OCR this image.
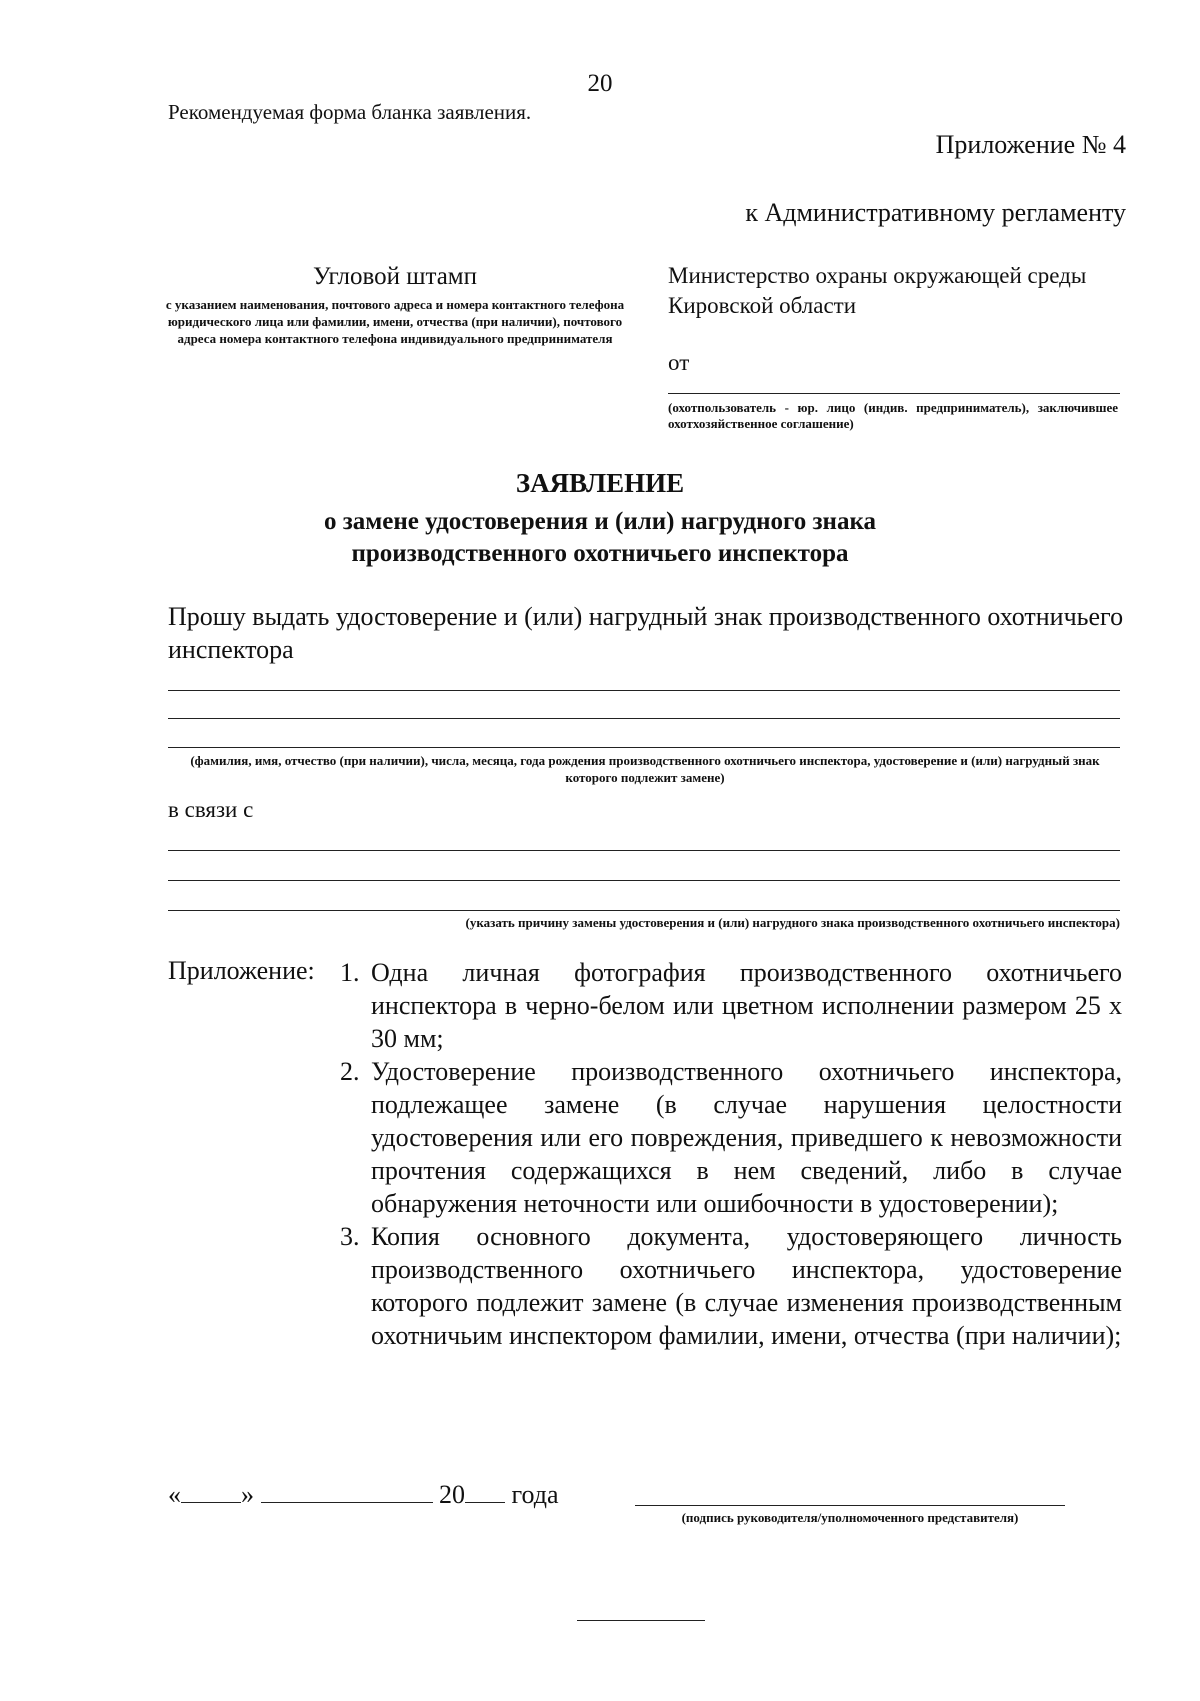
20
Рекомендуемая форма бланка заявления.
Приложение № 4
к Административному регламенту
Угловой штамп
с указанием наименования, почтового адреса и номера контактного телефона юридического лица или фамилии, имени, отчества (при наличии), почтового адреса номера контактного телефона индивидуального предпринимателя
Министерство охраны окружающей среды Кировской области
от
(охотпользователь - юр. лицо (индив. предприниматель), заключившее охотхозяйственное соглашение)
ЗАЯВЛЕНИЕ
о замене удостоверения и (или) нагрудного знака
производственного охотничьего инспектора
Прошу выдать удостоверение и (или) нагрудный знак производственного охотничьего инспектора
(фамилия, имя, отчество (при наличии), числа, месяца, года рождения производственного охотничьего инспектора, удостоверение и (или) нагрудный знак которого подлежит замене)
в связи с
(указать причину замены удостоверения и (или) нагрудного знака производственного охотничьего инспектора)
Приложение: 1. Одна личная фотография производственного охотничьего инспектора в черно-белом или цветном исполнении размером 25 х 30 мм;
2. Удостоверение производственного охотничьего инспектора, подлежащее замене (в случае нарушения целостности удостоверения или его повреждения, приведшего к невозможности прочтения содержащихся в нем сведений, либо в случае обнаружения неточности или ошибочности в удостоверении);
3. Копия основного документа, удостоверяющего личность производственного охотничьего инспектора, удостоверение которого подлежит замене (в случае изменения производственным охотничьим инспектором фамилии, имени, отчества (при наличии);
« »	20 года
(подпись руководителя/уполномоченного представителя)
